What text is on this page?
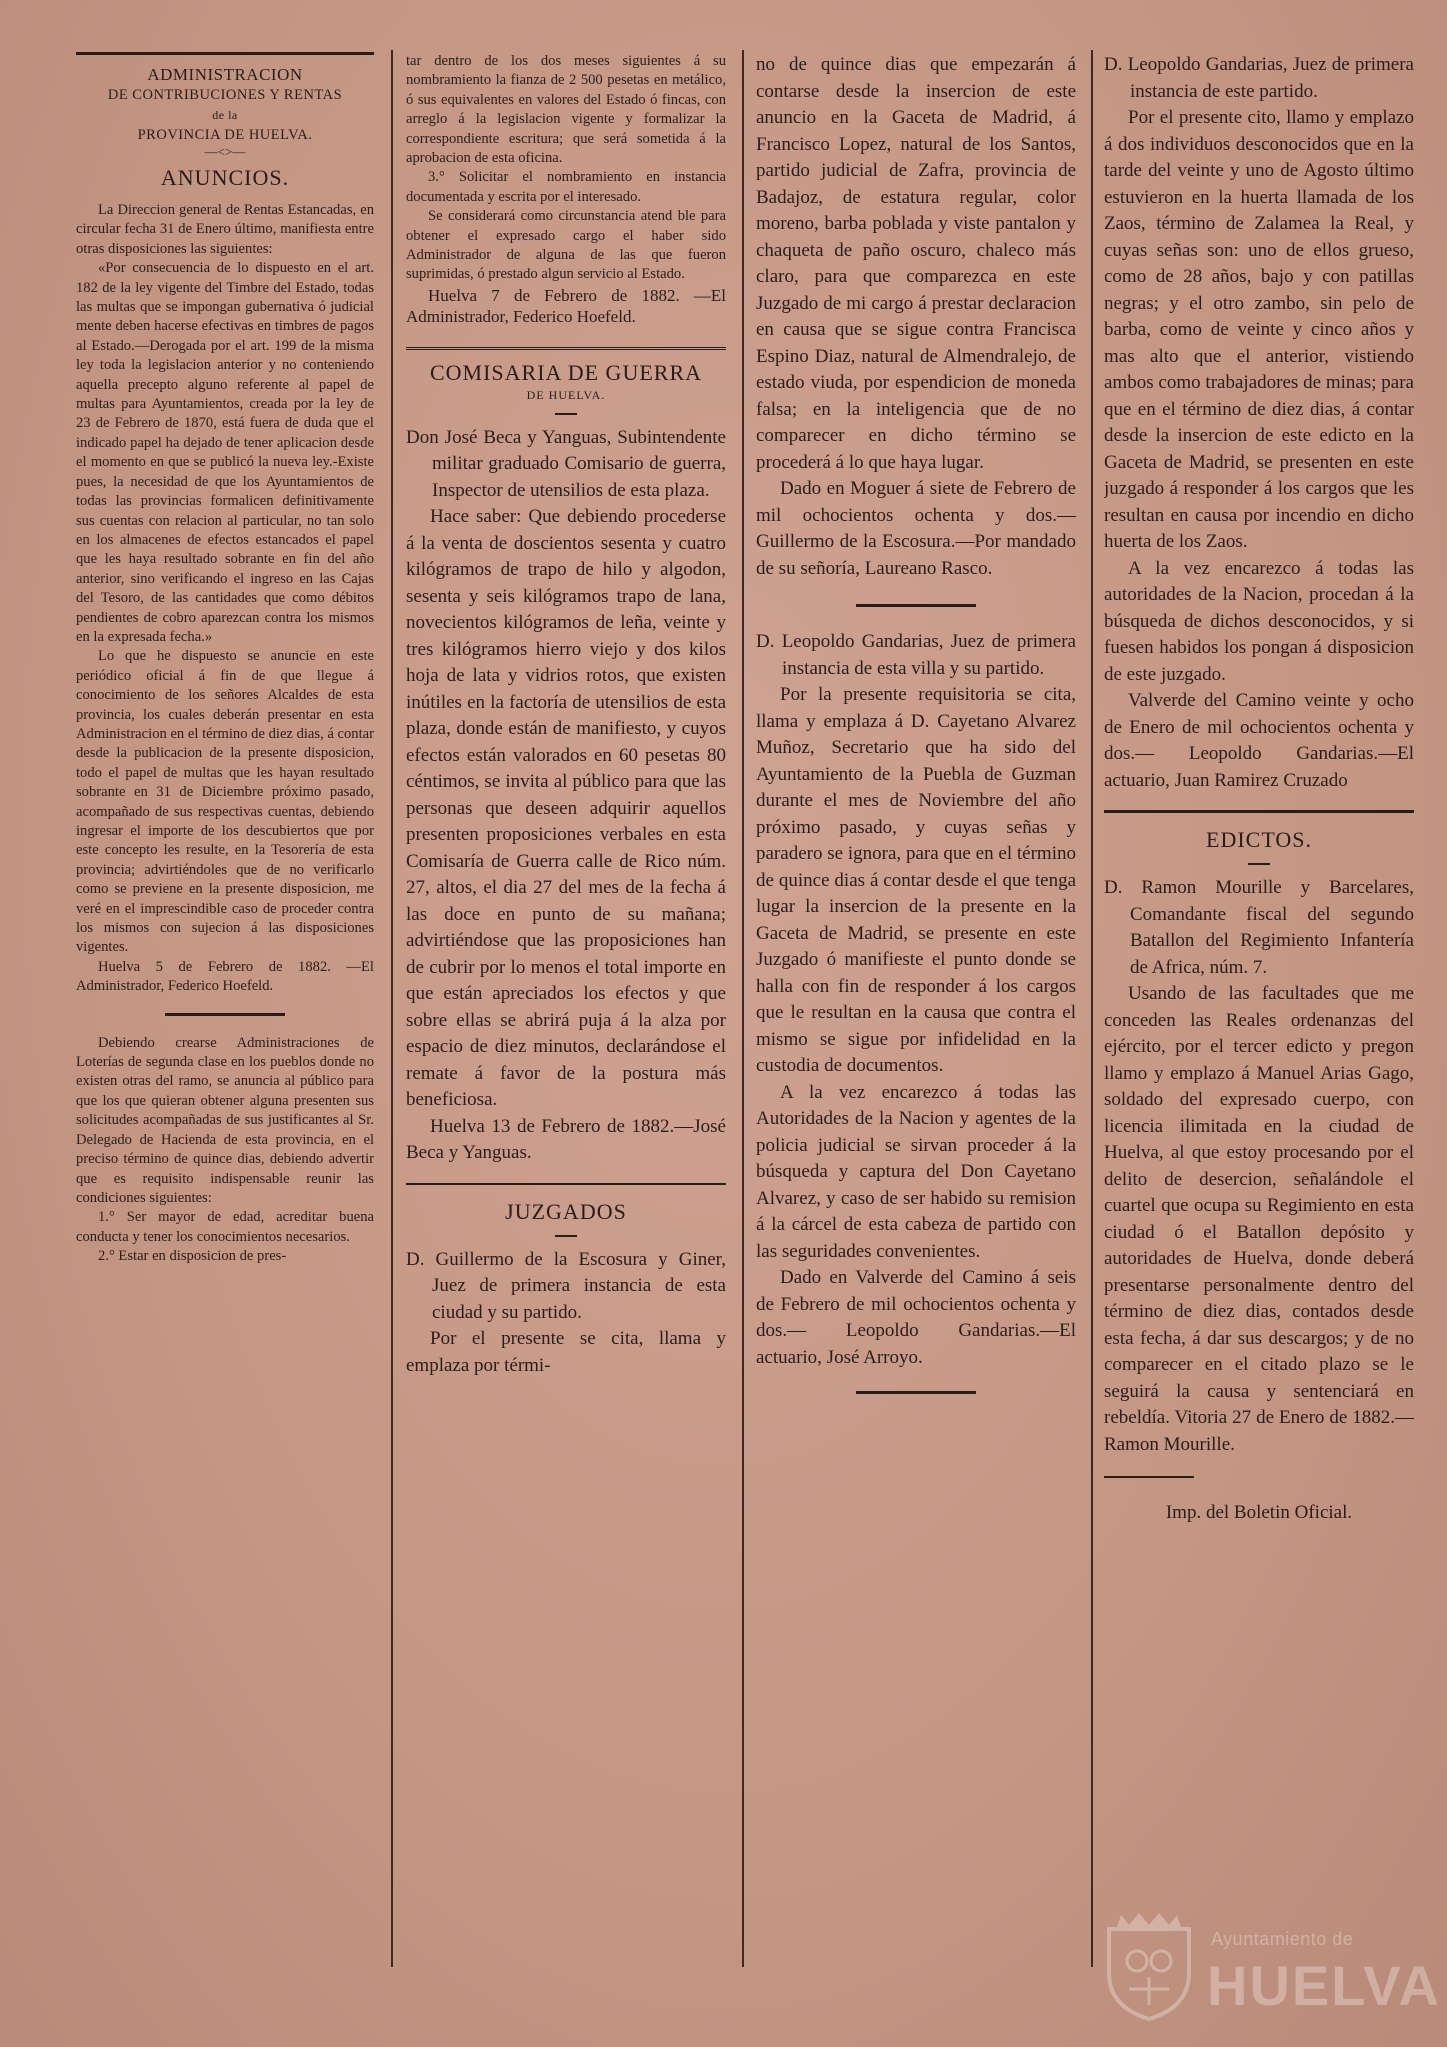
ADMINISTRACION
DE CONTRIBUCIONES Y RENTAS
de la
PROVINCIA DE HUELVA.
—<>—
ANUNCIOS.

La Direccion general de Rentas Estancadas, en circular fecha 31 de Enero último, manifiesta entre otras disposiciones las siguientes:

«Por consecuencia de lo dispuesto en el art. 182 de la ley vigente del Timbre del Estado, todas las multas que se impongan gubernativa ó judicial mente deben hacerse efectivas en timbres de pagos al Estado.—Derogada por el art. 199 de la misma ley toda la legislacion anterior y no conteniendo aquella precepto alguno referente al papel de multas para Ayuntamientos, creada por la ley de 23 de Febrero de 1870, está fuera de duda que el indicado papel ha dejado de tener aplicacion desde el momento en que se publicó la nueva ley.-Existe pues, la necesidad de que los Ayuntamientos de todas las provincias formalicen definitivamente sus cuentas con relacion al particular, no tan solo en los almacenes de efectos estancados el papel que les haya resultado sobrante en fin del año anterior, sino verificando el ingreso en las Cajas del Tesoro, de las cantidades que como débitos pendientes de cobro aparezcan contra los mismos en la expresada fecha.»

Lo que he dispuesto se anuncie en este periódico oficial á fin de que llegue á conocimiento de los señores Alcaldes de esta provincia, los cuales deberán presentar en esta Administracion en el término de diez dias, á contar desde la publicacion de la presente disposicion, todo el papel de multas que les hayan resultado sobrante en 31 de Diciembre próximo pasado, acompañado de sus respectivas cuentas, debiendo ingresar el importe de los descubiertos que por este concepto les resulte, en la Tesorería de esta provincia; advirtiéndoles que de no verificarlo como se previene en la presente disposicion, me veré en el imprescindible caso de proceder contra los mismos con sujecion á las disposiciones vigentes.

Huelva 5 de Febrero de 1882. —El Administrador, Federico Hoefeld.

Debiendo crearse Administraciones de Loterías de segunda clase en los pueblos donde no existen otras del ramo, se anuncia al público para que los que quieran obtener alguna presenten sus solicitudes acompañadas de sus justificantes al Sr. Delegado de Hacienda de esta provincia, en el preciso término de quince dias, debiendo advertir que es requisito indispensable reunir las condiciones siguientes:

1.° Ser mayor de edad, acreditar buena conducta y tener los conocimientos necesarios.

2.° Estar en disposicion de pres-

tar dentro de los dos meses siguientes á su nombramiento la fianza de 2 500 pesetas en metálico, ó sus equivalentes en valores del Estado ó fincas, con arreglo á la legislacion vigente y formalizar la correspondiente escritura; que será sometida á la aprobacion de esta oficina.

3.° Solicitar el nombramiento en instancia documentada y escrita por el interesado.

Se considerará como circunstancia atend ble para obtener el expresado cargo el haber sido Administrador de alguna de las que fueron suprimidas, ó prestado algun servicio al Estado.

Huelva 7 de Febrero de 1882. —El Administrador, Federico Hoefeld.

COMISARIA DE GUERRA
DE HUELVA.

Don José Beca y Yanguas, Subintendente militar graduado Comisario de guerra, Inspector de utensilios de esta plaza.

Hace saber: Que debiendo procederse á la venta de doscientos sesenta y cuatro kilógramos de trapo de hilo y algodon, sesenta y seis kilógramos trapo de lana, novecientos kilógramos de leña, veinte y tres kilógramos hierro viejo y dos kilos hoja de lata y vidrios rotos, que existen inútiles en la factoría de utensilios de esta plaza, donde están de manifiesto, y cuyos efectos están valorados en 60 pesetas 80 céntimos, se invita al público para que las personas que deseen adquirir aquellos presenten proposiciones verbales en esta Comisaría de Guerra calle de Rico núm. 27, altos, el dia 27 del mes de la fecha á las doce en punto de su mañana; advirtiéndose que las proposiciones han de cubrir por lo menos el total importe en que están apreciados los efectos y que sobre ellas se abrirá puja á la alza por espacio de diez minutos, declarándose el remate á favor de la postura más beneficiosa.

Huelva 13 de Febrero de 1882.—José Beca y Yanguas.

JUZGADOS

D. Guillermo de la Escosura y Giner, Juez de primera instancia de esta ciudad y su partido.

Por el presente se cita, llama y emplaza por térmi-

no de quince dias que empezarán á contarse desde la insercion de este anuncio en la Gaceta de Madrid, á Francisco Lopez, natural de los Santos, partido judicial de Zafra, provincia de Badajoz, de estatura regular, color moreno, barba poblada y viste pantalon y chaqueta de paño oscuro, chaleco más claro, para que comparezca en este Juzgado de mi cargo á prestar declaracion en causa que se sigue contra Francisca Espino Diaz, natural de Almendralejo, de estado viuda, por espendicion de moneda falsa; en la inteligencia que de no comparecer en dicho término se procederá á lo que haya lugar.

Dado en Moguer á siete de Febrero de mil ochocientos ochenta y dos.—Guillermo de la Escosura.—Por mandado de su señoría, Laureano Rasco.

D. Leopoldo Gandarias, Juez de primera instancia de esta villa y su partido.

Por la presente requisitoria se cita, llama y emplaza á D. Cayetano Alvarez Muñoz, Secretario que ha sido del Ayuntamiento de la Puebla de Guzman durante el mes de Noviembre del año próximo pasado, y cuyas señas y paradero se ignora, para que en el término de quince dias á contar desde el que tenga lugar la insercion de la presente en la Gaceta de Madrid, se presente en este Juzgado ó manifieste el punto donde se halla con fin de responder á los cargos que le resultan en la causa que contra el mismo se sigue por infidelidad en la custodia de documentos.

A la vez encarezco á todas las Autoridades de la Nacion y agentes de la policia judicial se sirvan proceder á la búsqueda y captura del Don Cayetano Alvarez, y caso de ser habido su remision á la cárcel de esta cabeza de partido con las seguridades convenientes.

Dado en Valverde del Camino á seis de Febrero de mil ochocientos ochenta y dos.— Leopoldo Gandarias.—El actuario, José Arroyo.

D. Leopoldo Gandarias, Juez de primera instancia de este partido.

Por el presente cito, llamo y emplazo á dos individuos desconocidos que en la tarde del veinte y uno de Agosto último estuvieron en la huerta llamada de los Zaos, término de Zalamea la Real, y cuyas señas son: uno de ellos grueso, como de 28 años, bajo y con patillas negras; y el otro zambo, sin pelo de barba, como de veinte y cinco años y mas alto que el anterior, vistiendo ambos como trabajadores de minas; para que en el término de diez dias, á contar desde la insercion de este edicto en la Gaceta de Madrid, se presenten en este juzgado á responder á los cargos que les resultan en causa por incendio en dicho huerta de los Zaos.

A la vez encarezco á todas las autoridades de la Nacion, procedan á la búsqueda de dichos desconocidos, y si fuesen habidos los pongan á disposicion de este juzgado.

Valverde del Camino veinte y ocho de Enero de mil ochocientos ochenta y dos.— Leopoldo Gandarias.—El actuario, Juan Ramirez Cruzado

EDICTOS.

D. Ramon Mourille y Barcelares, Comandante fiscal del segundo Batallon del Regimiento Infantería de Africa, núm. 7.

Usando de las facultades que me conceden las Reales ordenanzas del ejército, por el tercer edicto y pregon llamo y emplazo á Manuel Arias Gago, soldado del expresado cuerpo, con licencia ilimitada en la ciudad de Huelva, al que estoy procesando por el delito de desercion, señalándole el cuartel que ocupa su Regimiento en esta ciudad ó el Batallon depósito y autoridades de Huelva, donde deberá presentarse personalmente dentro del término de diez dias, contados desde esta fecha, á dar sus descargos; y de no comparecer en el citado plazo se le seguirá la causa y sentenciará en rebeldía. Vitoria 27 de Enero de 1882.—Ramon Mourille.

Imp. del Boletin Oficial.
Ayuntamiento de
HUELVA
